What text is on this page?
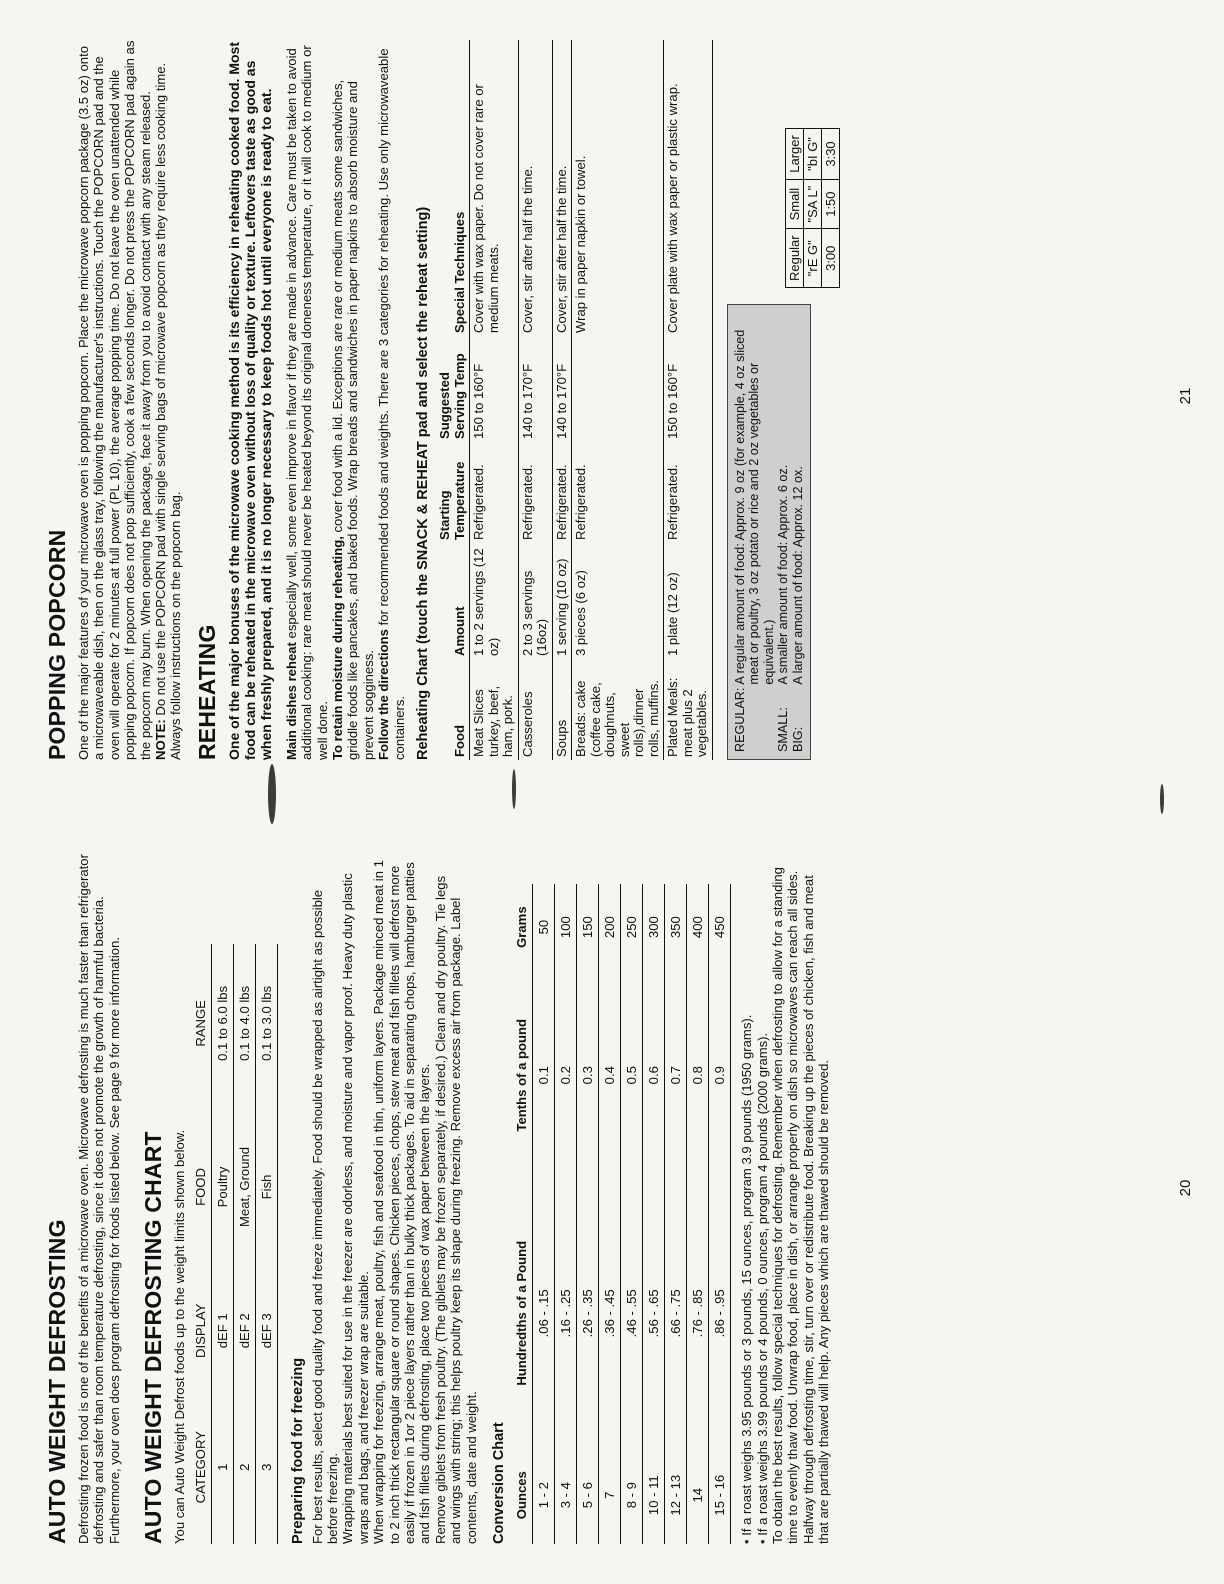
AUTO WEIGHT DEFROSTING Defrosting frozen food is one of the benefits of a microwave oven. Microwave defrosting is much faster than refrigerator defrosting and safer than room temperature defrosting, since it does not promote the growth of harmful bacteria. Furthermore, your oven does program defrosting for foods listed below. See page 9 for more information. AUTO WEIGHT DEFROSTING CHART You can Auto Weight Defrost foods up to the weight limits shown below. CATEGORY	DISPLAY	FOOD	RANGE
1	dEF 1	Poultry	0.1 to 6.0 lbs
2	dEF 2	Meat, Ground	0.1 to 4.0 lbs
3	dEF 3	Fish	0.1 to 3.0 lbs
Preparing food for freezing For best results, select good quality food and freeze immediately. Food should be wrapped as airtight as possible before freezing. Wrapping materials best suited for use in the freezer are odorless, and moisture and vapor proof. Heavy duty plastic wraps and bags, and freezer wrap are suitable. When wrapping for freezing, arrange meat, poultry, fish and seafood in thin, uniform layers. Package minced meat in 1 to 2 inch thick rectangular square or round shapes. Chicken pieces, chops, stew meat and fish fillets will defrost more easily if frozen in 1or 2 piece layers rather than in bulky thick packages. To aid in separating chops, hamburger patties and fish fillets during defrosting, place two pieces of wax paper between the layers. Remove giblets from fresh poultry. (The giblets may be frozen separately, if desired.) Clean and dry poultry. Tie legs and wings with string; this helps poultry keep its shape during freezing. Remove excess air from package. Label contents, date and weight. Conversion Chart Ounces	Hundredths of a Pound	Tenths of a pound	Grams
1 - 2	.06 - .15	0.1	50
3 - 4	.16 - .25	0.2	100
5 - 6	.26 - .35	0.3	150
7	.36 - .45	0.4	200
8 - 9	.46 - .55	0.5	250
10 - 11	.56 - .65	0.6	300
12 - 13	.66 - .75	0.7	350
14	.76 - .85	0.8	400
15 - 16	.86 - .95	0.9	450

• If a roast weighs 3.95 pounds or 3 pounds, 15 ounces, program 3.9 pounds (1950 grams). • If a roast weighs 3.99 pounds or 4 pounds, 0 ounces, program 4 pounds (2000 grams). To obtain the best results, follow special techniques for defrosting. Remember when defrosting to allow for a standing time to evenly thaw food. Unwrap food, place in dish, or arrange properly on dish so microwaves can reach all sides. Halfway through defrosting time, stir, turn over or redistribute food. Breaking up the pieces of chicken, fish and meat that are partially thawed will help. Any pieces which are thawed should be removed.	20
POPPING POPCORN One of the major features of your microwave oven is popping popcorn. Place the microwave popcorn package (3.5 oz) onto a microwaveable dish, then on the glass tray, following the manufacturer's instructions. Touch the POPCORN pad and the oven will operate for 2 minutes at full power (PL 10), the average popping time. Do not leave the oven unattended while popping popcorn. If popcorn does not pop sufficiently, cook a few seconds longer. Do not press the POPCORN pad again as the popcorn may burn. When opening the package, face it away from you to avoid contact with any steam released. NOTE: Do not use the POPCORN pad with single serving bags of microwave popcorn as they require less cooking time. Always follow instructions on the popcorn bag. REHEATING One of the major bonuses of the microwave cooking method is its efficiency in reheating cooked food. Most food can be reheated in the microwave oven without loss of quality or texture. Leftovers taste as good as when freshly prepared, and it is no longer necessary to keep foods hot until everyone is ready to eat. Main dishes reheat especially well, some even improve in flavor if they are made in advance. Care must be taken to avoid additional cooking: rare meat should never be heated beyond its original doneness temperature, or it will cook to medium or well done. To retain moisture during reheating, cover food with a lid. Exceptions are rare or medium meats some sandwiches, griddle foods like pancakes, and baked foods. Wrap breads and sandwiches in paper napkins to absorb moisture and prevent sogginess. Follow the directions for recommended foods and weights. There are 3 categories for reheating. Use only microwaveable containers. Reheating Chart (touch the SNACK & REHEAT pad and select the reheat setting) Food	Amount	Starting Temperature	Suggested Serving Temp	Special Techniques
Meat Slices turkey, beef, ham, pork.	1 to 2 servings (12 oz)	Refrigerated.	150 to 160°F	Cover with wax paper. Do not cover rare or medium meats.
Casseroles	2 to 3 servings (16oz)	Refrigerated.	140 to 170°F	Cover, stir after half the time.
Soups	1 serving (10 oz)	Refrigerated.	140 to 170°F	Cover, stir after half the time.
Breads: cake (coffee cake, doughnuts, sweet rolls),dinner rolls, muffins.	3 pieces (6 oz)	Refrigerated.		Wrap in paper napkin or towel.
Plated Meals: meat plus 2 vegetables.	1 plate (12 oz)	Refrigerated.	150 to 160°F	Cover plate with wax paper or plastic wrap.
REGULAR:	A regular amount of food: Approx. 9 oz (for example, 4 oz sliced meat or poultry, 3 oz potato or rice and 2 oz vegetables or equivalent.)
SMALL:	A smaller amount of food: Approx. 6 oz.
BIG:	A larger amount of food: Approx. 12 ox.
Regular	Small	Larger
"rE G"	"SA L"	"bI G"
3:00	1:50	3:30
21
